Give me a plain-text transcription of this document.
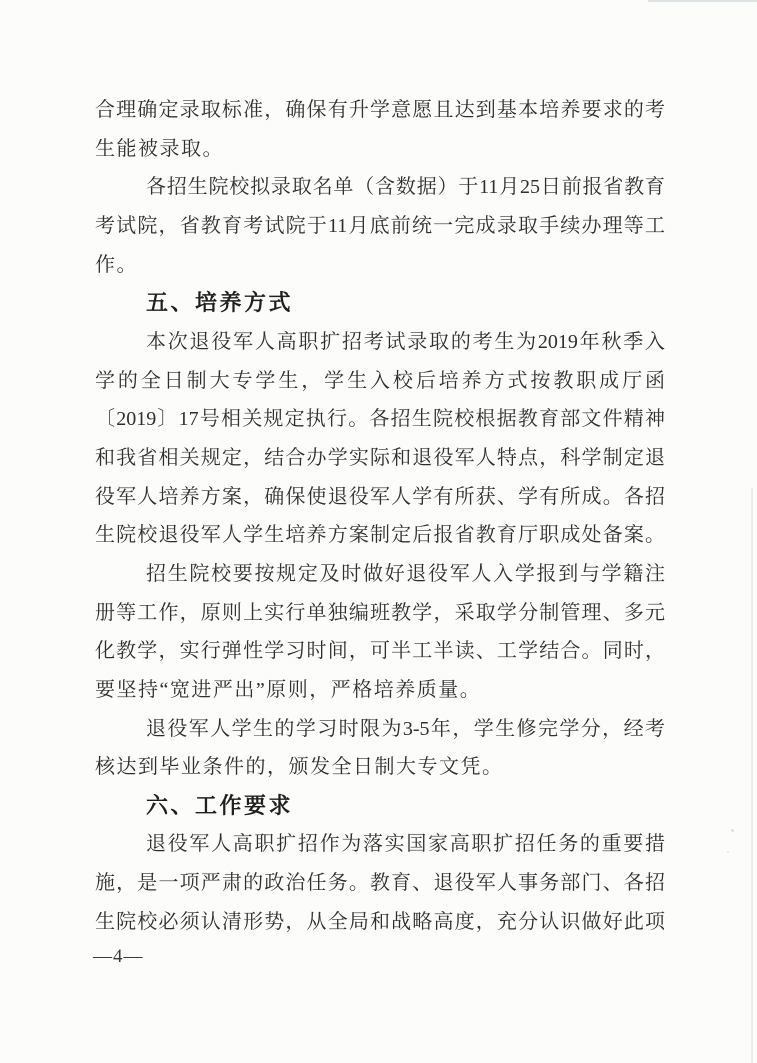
合理确定录取标准，确保有升学意愿且达到基本培养要求的考
生能被录取。
各招生院校拟录取名单（含数据）于11月25日前报省教育
考试院，省教育考试院于11月底前统一完成录取手续办理等工
作。
五、培养方式
本次退役军人高职扩招考试录取的考生为2019年秋季入
学的全日制大专学生，学生入校后培养方式按教职成厅函
〔2019〕17号相关规定执行。各招生院校根据教育部文件精神
和我省相关规定，结合办学实际和退役军人特点，科学制定退
役军人培养方案，确保使退役军人学有所获、学有所成。各招
生院校退役军人学生培养方案制定后报省教育厅职成处备案。
招生院校要按规定及时做好退役军人入学报到与学籍注
册等工作，原则上实行单独编班教学，采取学分制管理、多元
化教学，实行弹性学习时间，可半工半读、工学结合。同时，
要坚持“宽进严出”原则，严格培养质量。
退役军人学生的学习时限为3-5年，学生修完学分，经考
核达到毕业条件的，颁发全日制大专文凭。
六、工作要求
退役军人高职扩招作为落实国家高职扩招任务的重要措
施，是一项严肃的政治任务。教育、退役军人事务部门、各招
生院校必须认清形势，从全局和战略高度，充分认识做好此项
—4—
